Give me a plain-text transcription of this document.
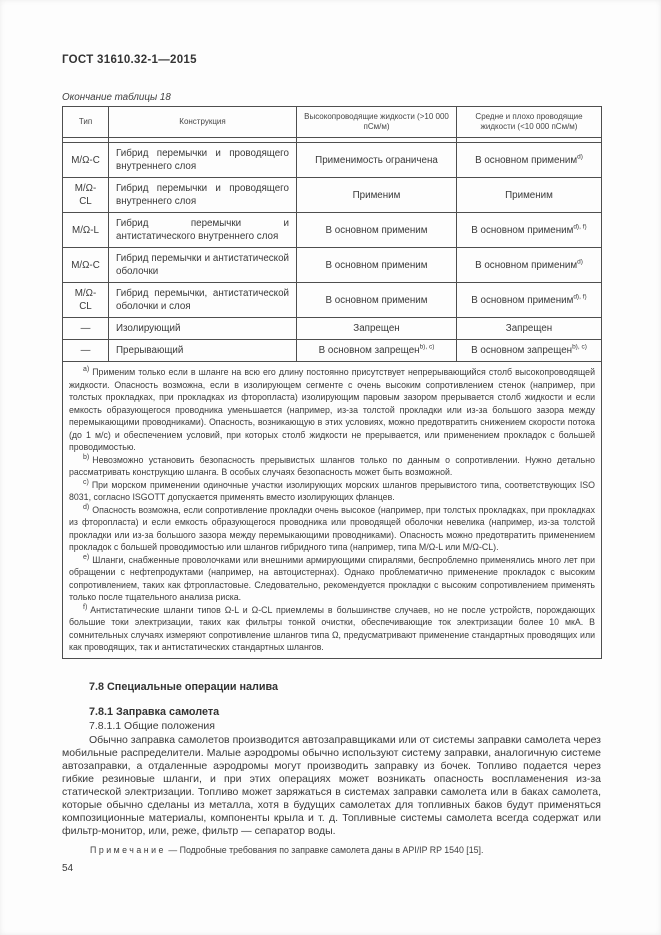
ГОСТ 31610.32-1—2015
Окончание таблицы 18
Тип	Конструкция	Высокопроводящие жидкости (>10 000 пСм/м)	Средне и плохо проводящие жидкости (<10 000 пСм/м)

М/Ω-С	Гибрид перемычки и проводящего внутреннего слоя	Применимость ограничена	В основном применим$^{d)}$
М/Ω-CL	Гибрид перемычки и проводящего внутреннего слоя	Применим	Применим
М/Ω-L	Гибрид перемычки и антистатического внутреннего слоя	В основном применим	В основном применим$^{d), f)}$
М/Ω-С	Гибрид перемычки и антистатической оболочки	В основном применим	В основном применим$^{d)}$
М/Ω-CL	Гибрид перемычки, антистатической оболочки и слоя	В основном применим	В основном применим$^{d), f)}$
—	Изолирующий	Запрещен	Запрещен
—	Прерывающий	В основном запрещен$^{b), c)}$	В основном запрещен$^{b), c)}$

$^{a)}$ Применим только если в шланге на всю его длину постоянно присутствует непрерывающийся столб высокопроводящей жидкости. Опасность возможна, если в изолирующем сегменте с очень высоким сопротивлением стенок (например, при толстых прокладках, при прокладках из фторопласта) изолирующим паровым зазором прерывается столб жидкости и если емкость образующегося проводника уменьшается (например, из-за толстой прокладки или из-за большого зазора между перемыкающими проводниками). Опасность, возникающую в этих условиях, можно предотвратить снижением скорости потока (до 1 м/с) и обеспечением условий, при которых столб жидкости не прерывается, или применением прокладок с большей проводимостью.

$^{b)}$ Невозможно установить безопасность прерывистых шлангов только по данным о сопротивлении. Нужно детально рассматривать конструкцию шланга. В особых случаях безопасность может быть возможной.

$^{c)}$ При морском применении одиночные участки изолирующих морских шлангов прерывистого типа, соответствующих ISO 8031, согласно ISGOTT допускается применять вместо изолирующих фланцев.

$^{d)}$ Опасность возможна, если сопротивление прокладки очень высокое (например, при толстых прокладках, при прокладках из фторопласта) и если емкость образующегося проводника или проводящей оболочки невелика (например, из-за толстой прокладки или из-за большого зазора между перемыкающими проводниками). Опасность можно предотвратить применением прокладок с большей проводимостью или шлангов гибридного типа (например, типа М/Ω-L или М/Ω-CL).

$^{e)}$ Шланги, снабженные проволочками или внешними армирующими спиралями, беспроблемно применялись много лет при обращении с нефтепродуктами (например, на автоцистернах). Однако проблематично применение прокладок с высоким сопротивлением, таких как фтропластовые. Следовательно, рекомендуется прокладки с высоким сопротивлением применять только после тщательного анализа риска.

$^{f)}$ Антистатические шланги типов Ω-L и Ω-CL приемлемы в большинстве случаев, но не после устройств, порождающих большие токи электризации, таких как фильтры тонкой очистки, обеспечивающие ток электризации более 10 мкА. В сомнительных случаях измеряют сопротивление шлангов типа Ω, предусматривают применение стандартных проводящих или как проводящих, так и антистатических стандартных шлангов.

7.8 Специальные операции налива
7.8.1 Заправка самолета
7.8.1.1 Общие положения

Обычно заправка самолетов производится автозаправщиками или от системы заправки самолета через мобильные распределители. Малые аэродромы обычно используют систему заправки, аналогичную системе автозаправки, а отдаленные аэродромы могут производить заправку из бочек. Топливо подается через гибкие резиновые шланги, и при этих операциях может возникать опасность воспламенения из-за статической электризации. Топливо может заряжаться в системах заправки самолета или в баках самолета, которые обычно сделаны из металла, хотя в будущих самолетах для топливных баков будут применяться композиционные материалы, компоненты крыла и т. д. Топливные системы самолета всегда содержат или фильтр-монитор, или, реже, фильтр — сепаратор воды.

Примечание — Подробные требования по заправке самолета даны в API/IP RP 1540 [15].
54
